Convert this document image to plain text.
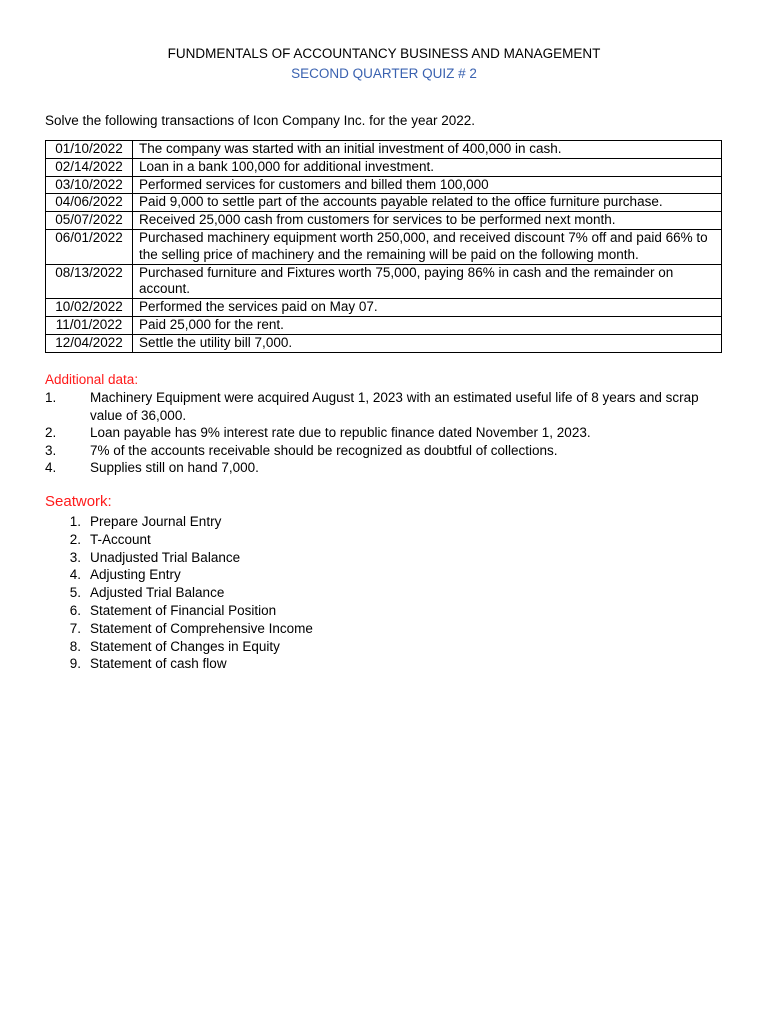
FUNDMENTALS OF ACCOUNTANCY BUSINESS AND MANAGEMENT
SECOND QUARTER QUIZ # 2
Solve the following transactions of Icon Company Inc. for the year 2022.
01/10/2022	The company was started with an initial investment of 400,000 in cash.
02/14/2022	Loan in a bank 100,000 for additional investment.
03/10/2022	Performed services for customers and billed them 100,000
04/06/2022	Paid 9,000 to settle part of the accounts payable related to the office furniture purchase.
05/07/2022	Received 25,000 cash from customers for services to be performed next month.
06/01/2022	Purchased machinery equipment worth 250,000, and received discount 7% off and paid 66% to the selling price of machinery and the remaining will be paid on the following month.
08/13/2022	Purchased furniture and Fixtures worth 75,000, paying 86% in cash and the remainder on account.
10/02/2022	Performed the services paid on May 07.
11/01/2022	Paid 25,000 for the rent.
12/04/2022	Settle the utility bill 7,000.
Additional data:
1. Machinery Equipment were acquired August 1, 2023 with an estimated useful life of 8 years and scrap value of 36,000.
2. Loan payable has 9% interest rate due to republic finance dated November 1, 2023.
3. 7% of the accounts receivable should be recognized as doubtful of collections.
4. Supplies still on hand 7,000.
Seatwork:
1. Prepare Journal Entry
2. T-Account
3. Unadjusted Trial Balance
4. Adjusting Entry
5. Adjusted Trial Balance
6. Statement of Financial Position
7. Statement of Comprehensive Income
8. Statement of Changes in Equity
9. Statement of cash flow
